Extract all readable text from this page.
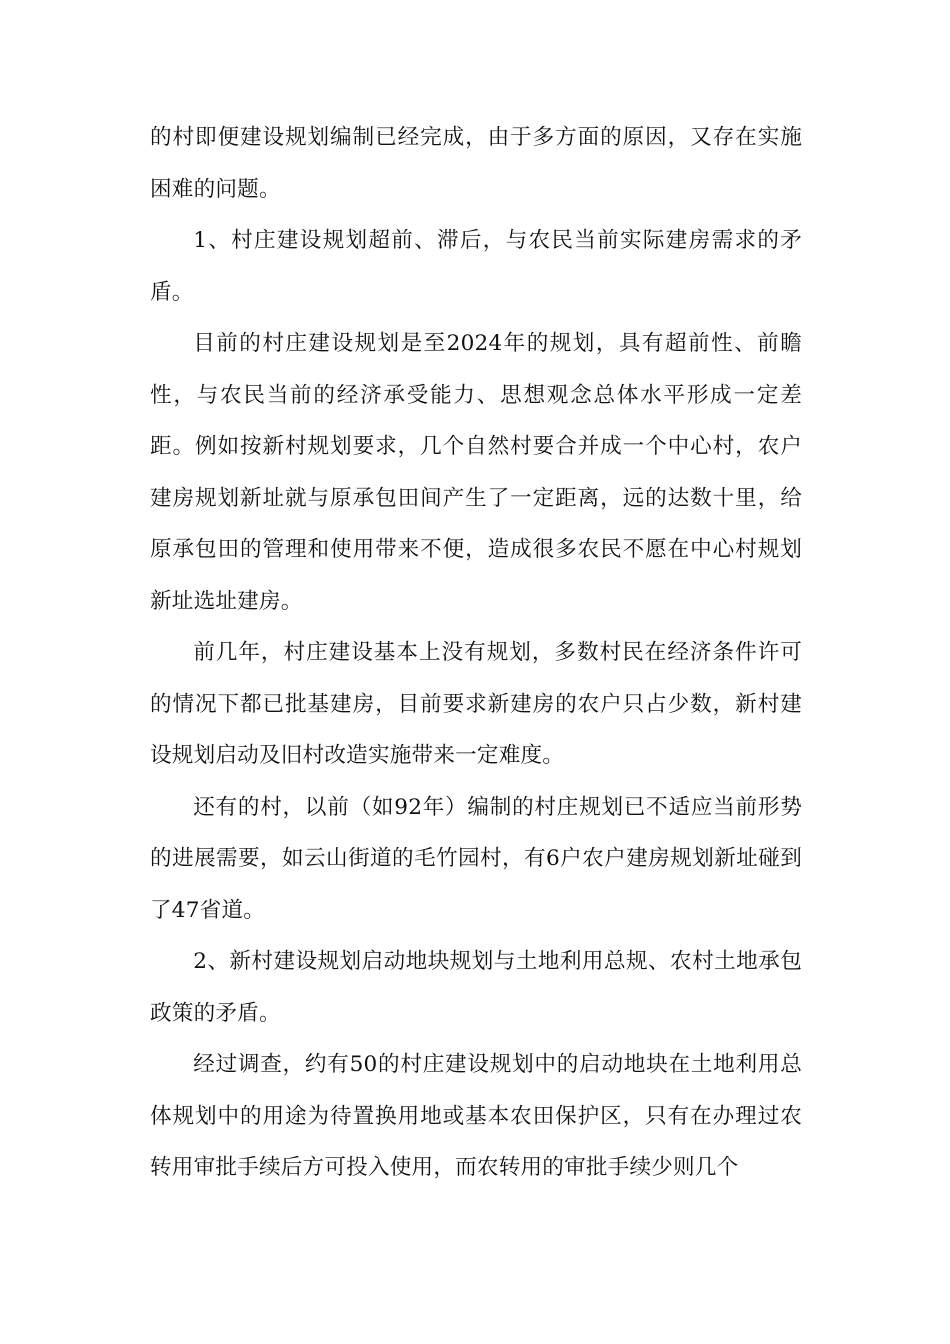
的村即便建设规划编制已经完成，由于多方面的原因，又存在实施困难的问题。

1、村庄建设规划超前、滞后，与农民当前实际建房需求的矛盾。

目前的村庄建设规划是至2024年的规划，具有超前性、前瞻性，与农民当前的经济承受能力、思想观念总体水平形成一定差距。例如按新村规划要求，几个自然村要合并成一个中心村，农户建房规划新址就与原承包田间产生了一定距离，远的达数十里，给原承包田的管理和使用带来不便，造成很多农民不愿在中心村规划新址选址建房。

前几年，村庄建设基本上没有规划，多数村民在经济条件许可的情况下都已批基建房，目前要求新建房的农户只占少数，新村建设规划启动及旧村改造实施带来一定难度。

还有的村，以前（如92年）编制的村庄规划已不适应当前形势的进展需要，如云山街道的毛竹园村，有6户农户建房规划新址碰到了47省道。

2、新村建设规划启动地块规划与土地利用总规、农村土地承包政策的矛盾。

经过调查，约有50的村庄建设规划中的启动地块在土地利用总体规划中的用途为待置换用地或基本农田保护区，只有在办理过农转用审批手续后方可投入使用，而农转用的审批手续少则几个
